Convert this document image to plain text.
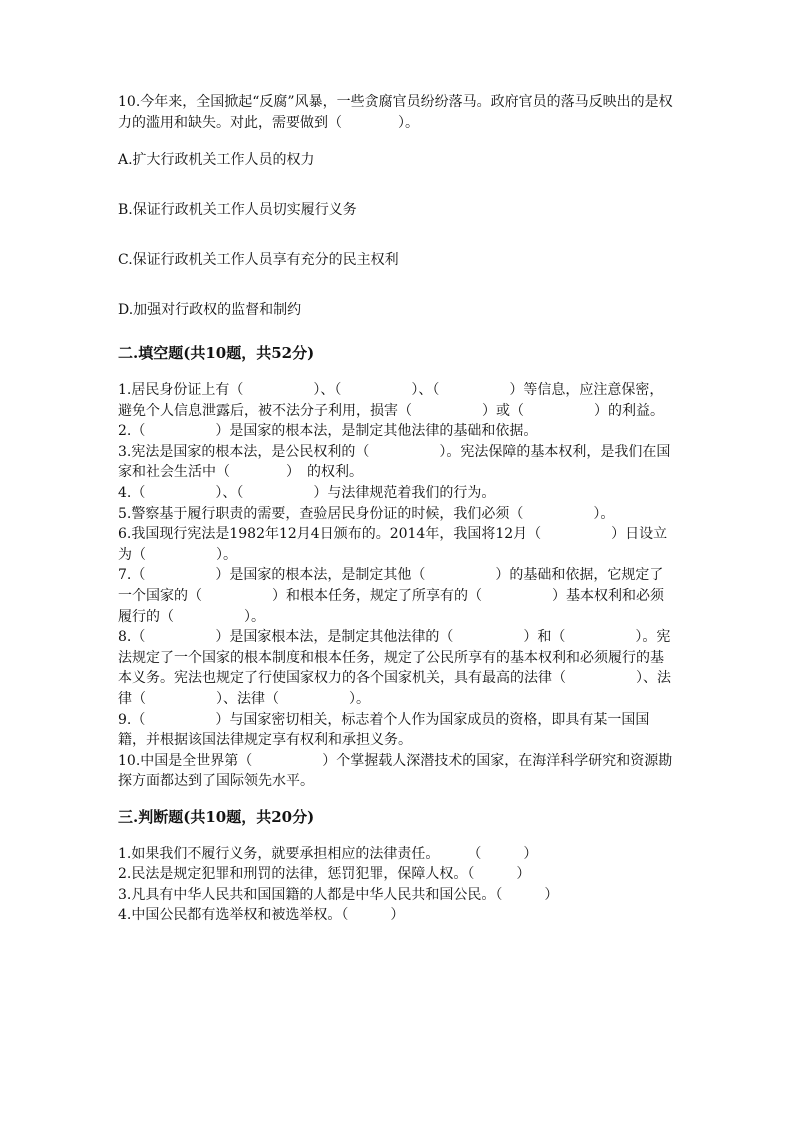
10.今年来，全国掀起“反腐”风暴，一些贪腐官员纷纷落马。政府官员的落马反映出的是权力的滥用和缺失。对此，需要做到（　　　　）。

A.扩大行政机关工作人员的权力

B.保证行政机关工作人员切实履行义务

C.保证行政机关工作人员享有充分的民主权利

D.加强对行政权的监督和制约

二.填空题(共10题，共52分)

1.居民身份证上有（　　　　　）、（　　　　　）、（　　　　　）等信息，应注意保密，避免个人信息泄露后，被不法分子利用，损害（　　　　　）或（　　　　　）的利益。

2.（　　　　　）是国家的根本法，是制定其他法律的基础和依据。

3.宪法是国家的根本法，是公民权利的（　　　　　）。宪法保障的基本权利，是我们在国家和社会生活中（　　　　）　的权利。

4.（　　　　　）、（　　　　　）与法律规范着我们的行为。

5.警察基于履行职责的需要，查验居民身份证的时候，我们必须（　　　　　）。

6.我国现行宪法是1982年12月4日颁布的。2014年，我国将12月（　　　　　）日设立为（　　　　　）。

7.（　　　　　）是国家的根本法，是制定其他（　　　　　）的基础和依据，它规定了一个国家的（　　　　　）和根本任务，规定了所享有的（　　　　　）基本权利和必须履行的（　　　　　）。

8.（　　　　　）是国家根本法，是制定其他法律的（　　　　　）和（　　　　　）。宪法规定了一个国家的根本制度和根本任务，规定了公民所享有的基本权利和必须履行的基本义务。宪法也规定了行使国家权力的各个国家机关，具有最高的法律（　　　　　）、法律（　　　　　）、法律（　　　　　）。

9.（　　　　　）与国家密切相关，标志着个人作为国家成员的资格，即具有某一国国籍，并根据该国法律规定享有权利和承担义务。

10.中国是全世界第（　　　　　）个掌握载人深潜技术的国家，在海洋科学研究和资源勘探方面都达到了国际领先水平。

三.判断题(共10题，共20分)

1.如果我们不履行义务，就要承担相应的法律责任。　　　（　　　）

2.民法是规定犯罪和刑罚的法律，惩罚犯罪，保障人权。（　　　）

3.凡具有中华人民共和国国籍的人都是中华人民共和国公民。（　　　）

4.中国公民都有选举权和被选举权。（　　　）
